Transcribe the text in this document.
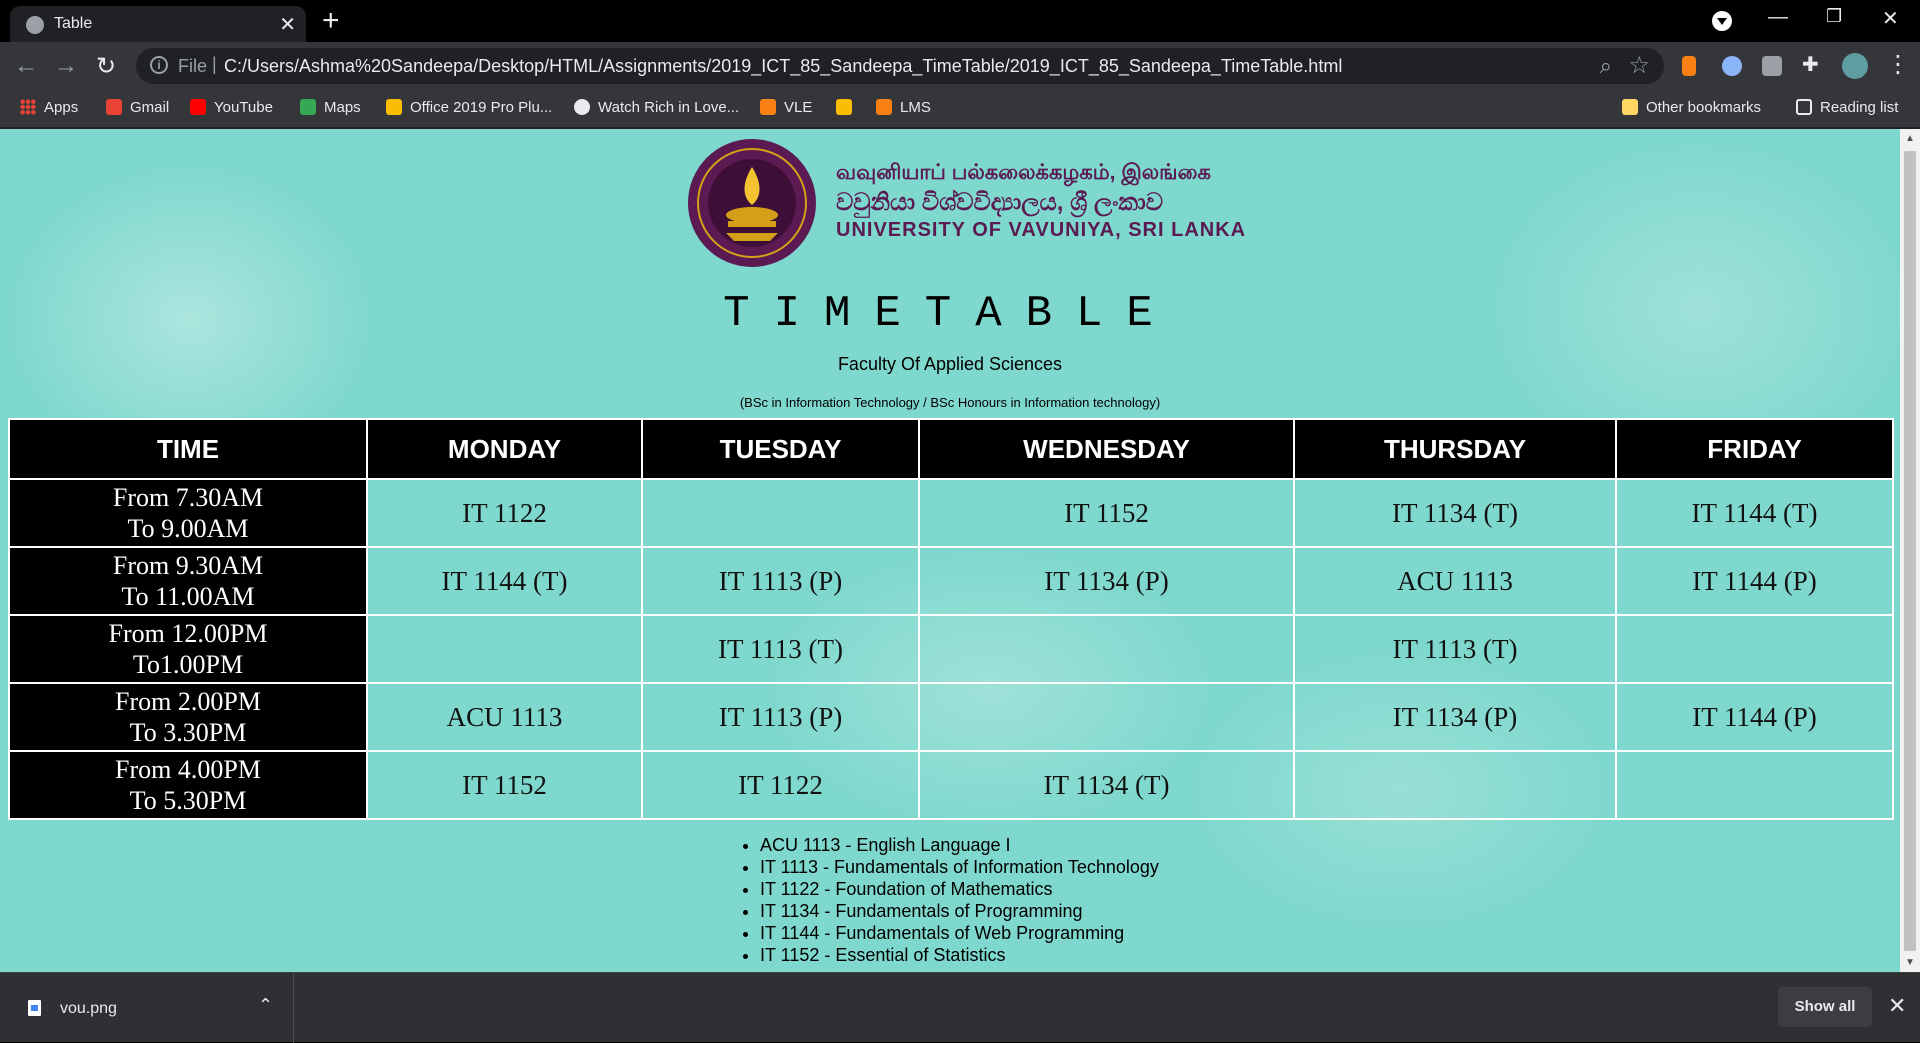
Table	✕ +	— ❐ ✕
← → ↻	i File | C:/Users/Ashma%20Sandeepa/Desktop/HTML/Assignments/2019_ICT_85_Sandeepa_TimeTable/2019_ICT_85_Sandeepa_TimeTable.html	⌕ ☆	✚	⋮
Apps	Gmail	YouTube	Maps	Office 2019 Pro Plu...	Watch Rich in Love...	VLE	LMS	Other bookmarks	Reading list
வவுனியாப் பல்கலைக்கழகம், இலங்கை
වවුනියා විශ්වවිද්‍යාලය, ශ්‍රී ලංකාව
UNIVERSITY OF VAVUNIYA, SRI LANKA
TIMETABLE
Faculty Of Applied Sciences
(BSc in Information Technology / BSc Honours in Information technology)
TIME	MONDAY	TUESDAY	WEDNESDAY	THURSDAY	FRIDAY

From 7.30AM
To 9.00AM	IT 1122		IT 1152	IT 1134 (T)	IT 1144 (T)

From 9.30AM
To 11.00AM	IT 1144 (T)	IT 1113 (P)	IT 1134 (P)	ACU 1113	IT 1144 (P)

From 12.00PM
To1.00PM		IT 1113 (T)		IT 1113 (T)	

From 2.00PM
To 3.30PM	ACU 1113	IT 1113 (P)		IT 1134 (P)	IT 1144 (P)

From 4.00PM
To 5.30PM	IT 1152	IT 1122	IT 1134 (T)		
• ACU 1113 - English Language I
• IT 1113 - Fundamentals of Information Technology
• IT 1122 - Foundation of Mathematics
• IT 1134 - Fundamentals of Programming
• IT 1144 - Fundamentals of Web Programming
• IT 1152 - Essential of Statistics
▲
▼
vou.png	⌃	Show all	✕
